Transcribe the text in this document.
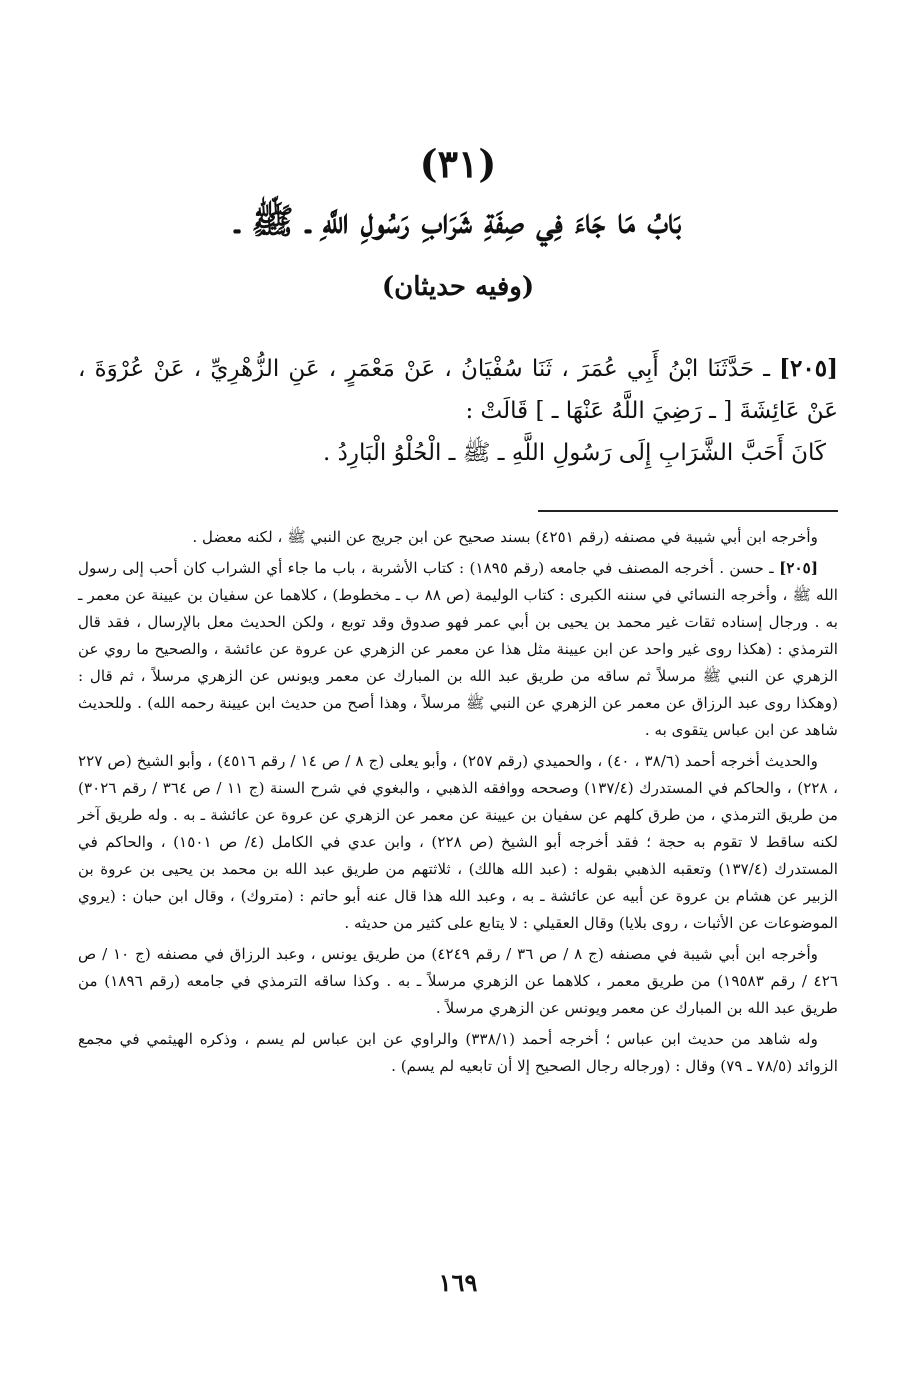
(٣١)
بَابُ مَا جَاءَ فِي صِفَةِ شَرَابِ رَسُولِ اللَّهِ ـ ﷺ ـ
(وفيه حديثان)
[٢٠٥] ـ حَدَّثَنَا ابْنُ أَبِي عُمَرَ ، ثَنَا سُفْيَانُ ، عَنْ مَعْمَرٍ ، عَنِ الزُّهْرِيِّ ، عَنْ عُرْوَةَ ، عَنْ عَائِشَةَ [ ـ رَضِيَ اللَّهُ عَنْهَا ـ ] قَالَتْ :
كَانَ أَحَبَّ الشَّرَابِ إِلَى رَسُولِ اللَّهِ ـ ﷺ ـ الْحُلْوُ الْبَارِدُ .

وأخرجه ابن أبي شيبة في مصنفه (رقم ٤٢٥١) بسند صحيح عن ابن جريج عن النبي ﷺ ، لكنه معضل .

[٢٠٥] ـ حسن . أخرجه المصنف في جامعه (رقم ١٨٩٥) : كتاب الأشربة ، باب ما جاء أي الشراب كان أحب إلى رسول الله ﷺ ، وأخرجه النسائي في سننه الكبرى : كتاب الوليمة (ص ٨٨ ب ـ مخطوط) ، كلاهما عن سفيان بن عيينة عن معمر ـ به . ورجال إسناده ثقات غير محمد بن يحيى بن أبي عمر فهو صدوق وقد توبع ، ولكن الحديث معل بالإرسال ، فقد قال الترمذي : (هكذا روى غير واحد عن ابن عيينة مثل هذا عن معمر عن الزهري عن عروة عن عائشة ، والصحيح ما روي عن الزهري عن النبي ﷺ مرسلاً ثم ساقه من طريق عبد الله بن المبارك عن معمر ويونس عن الزهري مرسلاً ، ثم قال : (وهكذا روى عبد الرزاق عن معمر عن الزهري عن النبي ﷺ مرسلاً ، وهذا أصح من حديث ابن عيينة رحمه الله) . وللحديث شاهد عن ابن عباس يتقوى به .

والحديث أخرجه أحمد (٣٨/٦ ، ٤٠) ، والحميدي (رقم ٢٥٧) ، وأبو يعلى (ج ٨ / ص ١٤ / رقم ٤٥١٦) ، وأبو الشيخ (ص ٢٢٧ ، ٢٢٨) ، والحاكم في المستدرك (١٣٧/٤) وصححه ووافقه الذهبي ، والبغوي في شرح السنة (ج ١١ / ص ٣٦٤ / رقم ٣٠٢٦) من طريق الترمذي ، من طرق كلهم عن سفيان بن عيينة عن معمر عن الزهري عن عروة عن عائشة ـ به . وله طريق آخر لكنه ساقط لا تقوم به حجة ؛ فقد أخرجه أبو الشيخ (ص ٢٢٨) ، وابن عدي في الكامل (٤/ ص ١٥٠١) ، والحاكم في المستدرك (١٣٧/٤) وتعقبه الذهبي بقوله : (عبد الله هالك) ، ثلاثتهم من طريق عبد الله بن محمد بن يحيى بن عروة بن الزبير عن هشام بن عروة عن أبيه عن عائشة ـ به ، وعبد الله هذا قال عنه أبو حاتم : (متروك) ، وقال ابن حبان : (يروي الموضوعات عن الأثبات ، روى بلايا) وقال العقيلي : لا يتابع على كثير من حديثه .

وأخرجه ابن أبي شيبة في مصنفه (ج ٨ / ص ٣٦ / رقم ٤٢٤٩) من طريق يونس ، وعبد الرزاق في مصنفه (ج ١٠ / ص ٤٢٦ / رقم ١٩٥٨٣) من طريق معمر ، كلاهما عن الزهري مرسلاً ـ به . وكذا ساقه الترمذي في جامعه (رقم ١٨٩٦) من طريق عبد الله بن المبارك عن معمر ويونس عن الزهري مرسلاً .

وله شاهد من حديث ابن عباس ؛ أخرجه أحمد (٣٣٨/١) والراوي عن ابن عباس لم يسم ، وذكره الهيثمي في مجمع الزوائد (٧٨/٥ ـ ٧٩) وقال : (ورجاله رجال الصحيح إلا أن تابعيه لم يسم) .

١٦٩
